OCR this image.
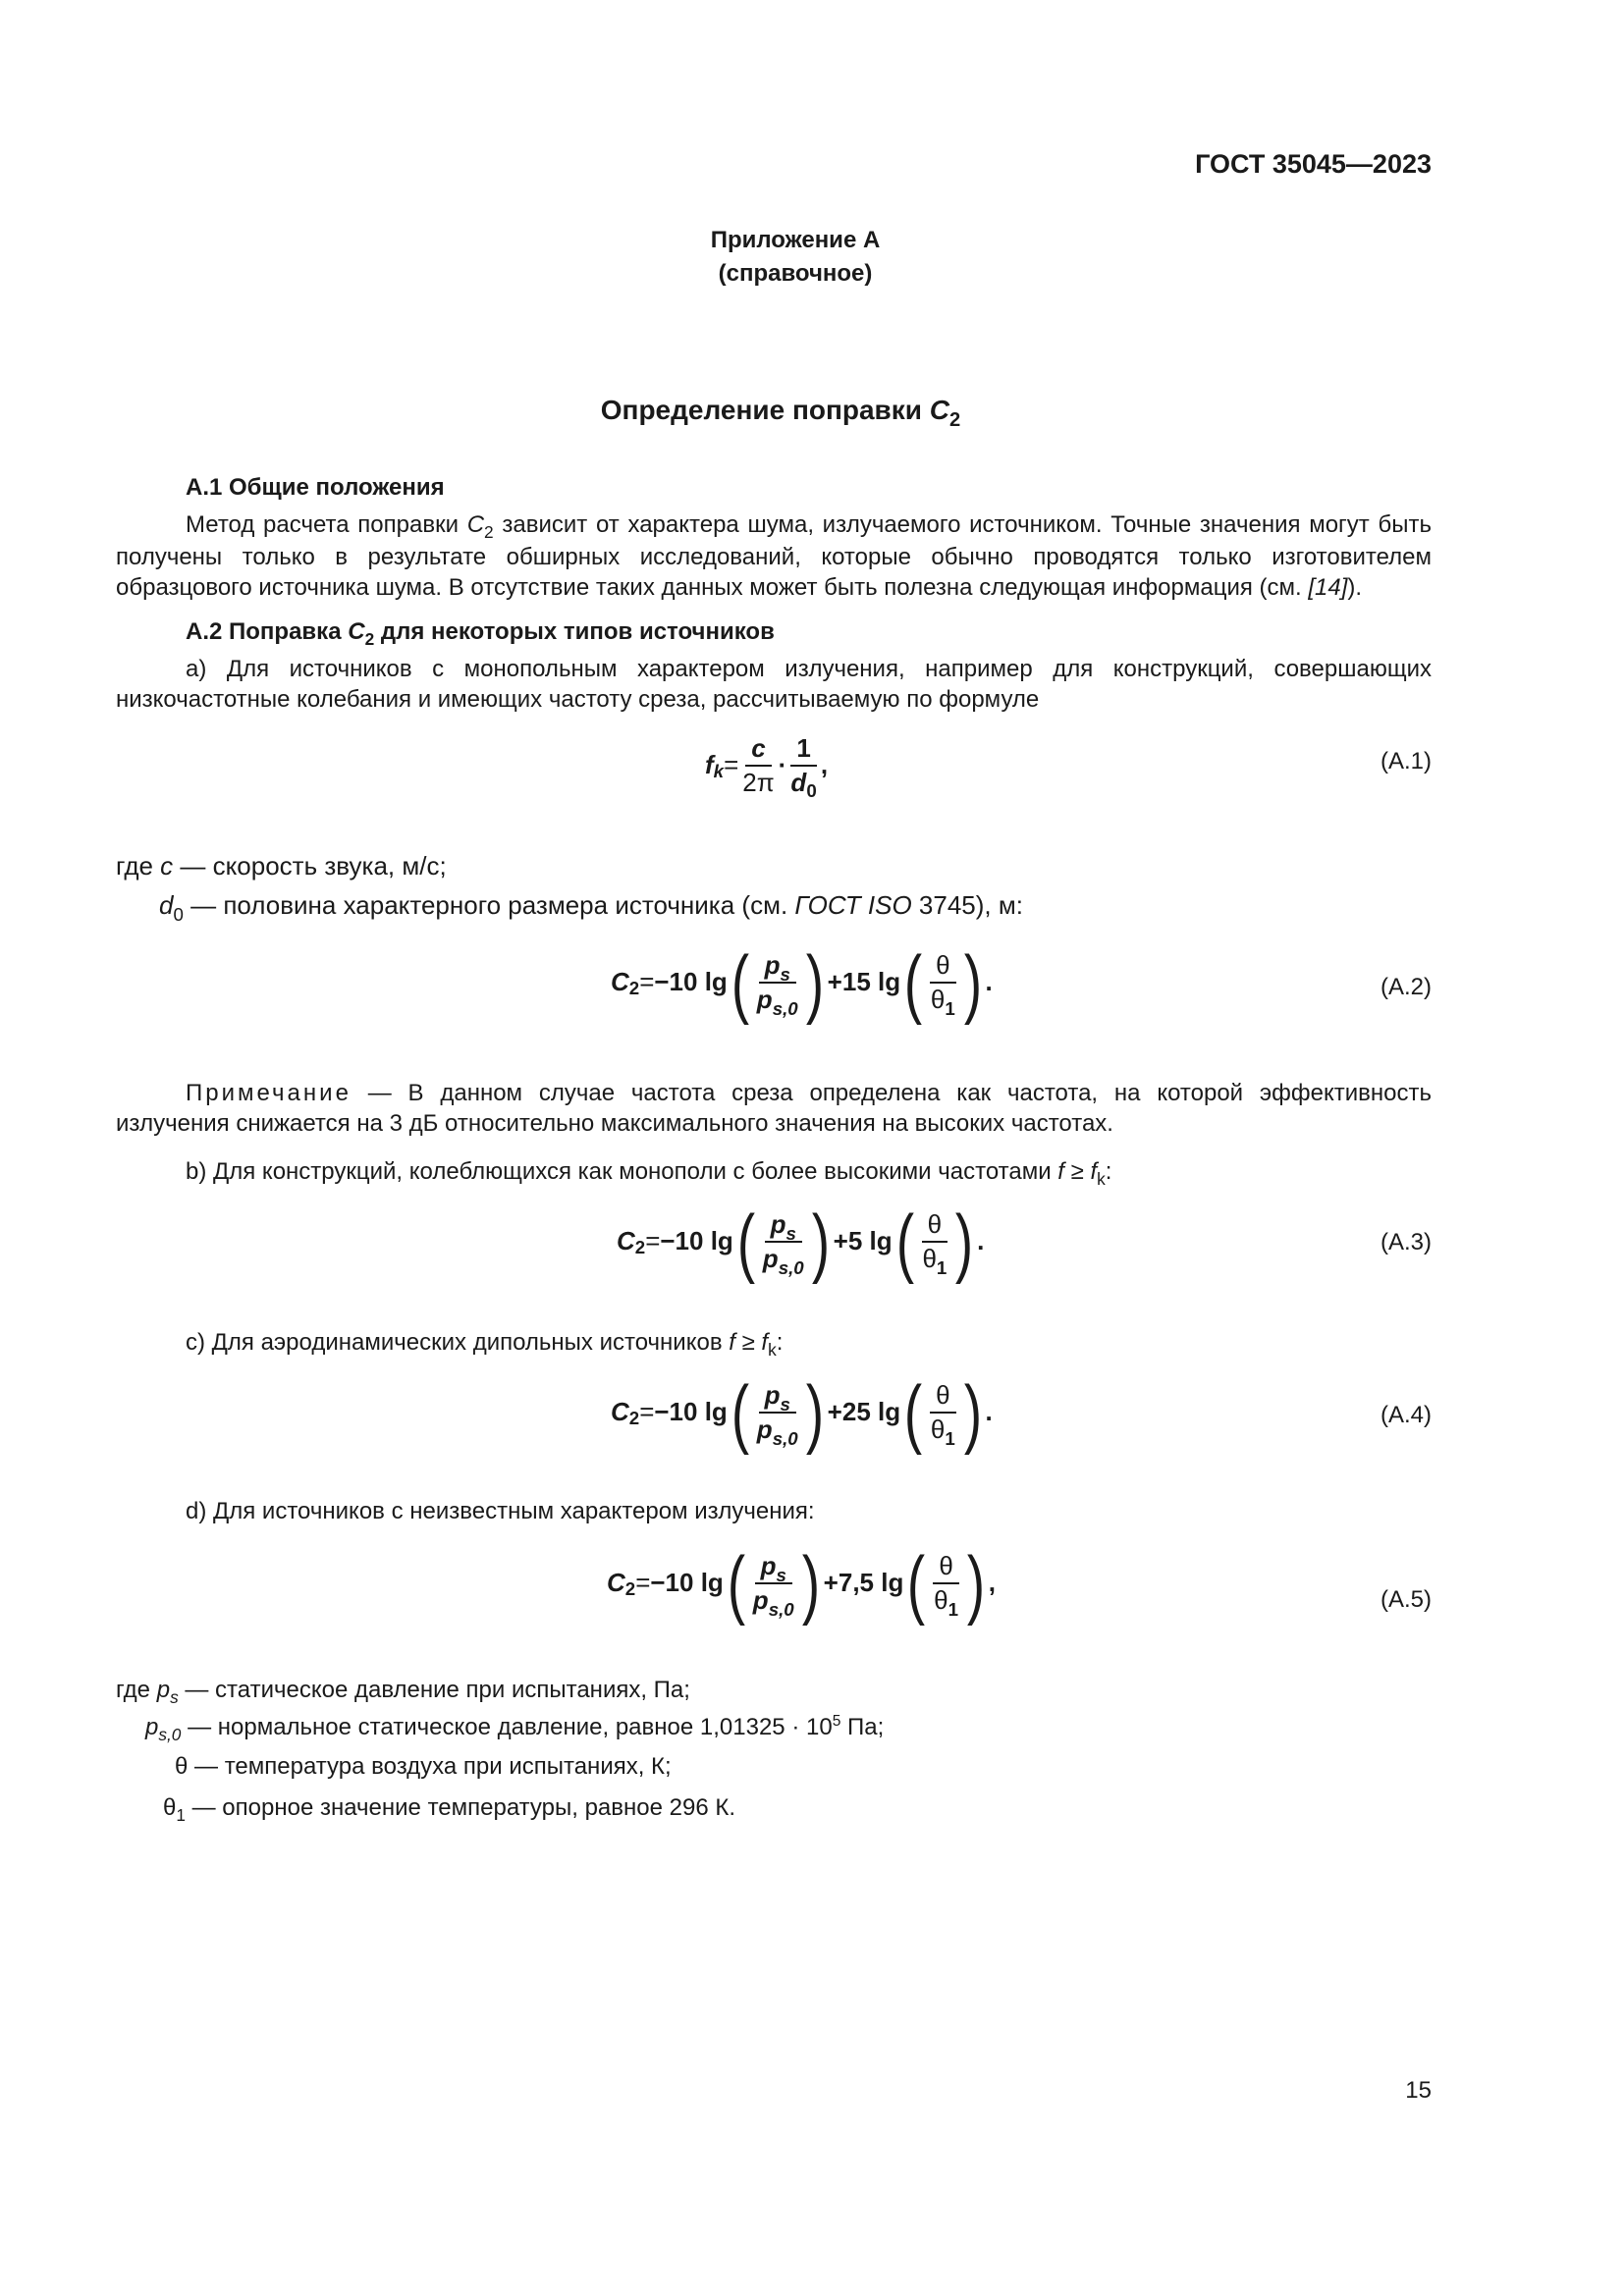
ГОСТ 35045—2023
Приложение А
(справочное)
Определение поправки $C_2$
А.1 Общие положения

Метод расчета поправки $C_2$ зависит от характера шума, излучаемого источником. Точные значения могут быть получены только в результате обширных исследований, которые обычно проводятся только изготовителем образцового источника шума. В отсутствие таких данных может быть полезна следующая информация (см. [14]).

А.2 Поправка $C_2$ для некоторых типов источников

а) Для источников с монопольным характером излучения, например для конструкций, совершающих низкочастотные колебания и имеющих частоту среза, рассчитываемую по формуле

f $k = \frac{c}{2\pi} \cdot \frac{1}{d_0}$ ,	(А.1)
где c — скорость звука, м/с;
$d_0$ — половина характерного размера источника (см. ГОСТ ISO 3745), м:
C 2 = −10 lg ( $\frac{p_s}{p_{s,0}}$ ) +15 lg ( $\frac{\theta}{\theta_1}$ ) .	(А.2)

Примечание — В данном случае частота среза определена как частота, на которой эффективность излучения снижается на 3 дБ относительно максимального значения на высоких частотах.

b) Для конструкций, колеблющихся как монополи с более высокими частотами $f \ge f_k$:
C 2 = −10 lg ( $\frac{p_s}{p_{s,0}}$ ) +5 lg ( $\frac{\theta}{\theta_1}$ ) .	(А.3)
c) Для аэродинамических дипольных источников $f \ge f_k$:
C 2 = −10 lg ( $\frac{p_s}{p_{s,0}}$ ) +25 lg ( $\frac{\theta}{\theta_1}$ ) .	(А.4)
d) Для источников с неизвестным характером излучения:
C 2 = −10 lg ( $\frac{p_s}{p_{s,0}}$ ) +7,5 lg ( $\frac{\theta}{\theta_1}$ ) ,
(А.5)
где $p_s$ — статическое давление при испытаниях, Па;
$p_{s,0}$ — нормальное статическое давление, равное $1,01325 \cdot 10^5$ Па;
θ — температура воздуха при испытаниях, К;
$\theta_1$ — опорное значение температуры, равное 296 К.
15
